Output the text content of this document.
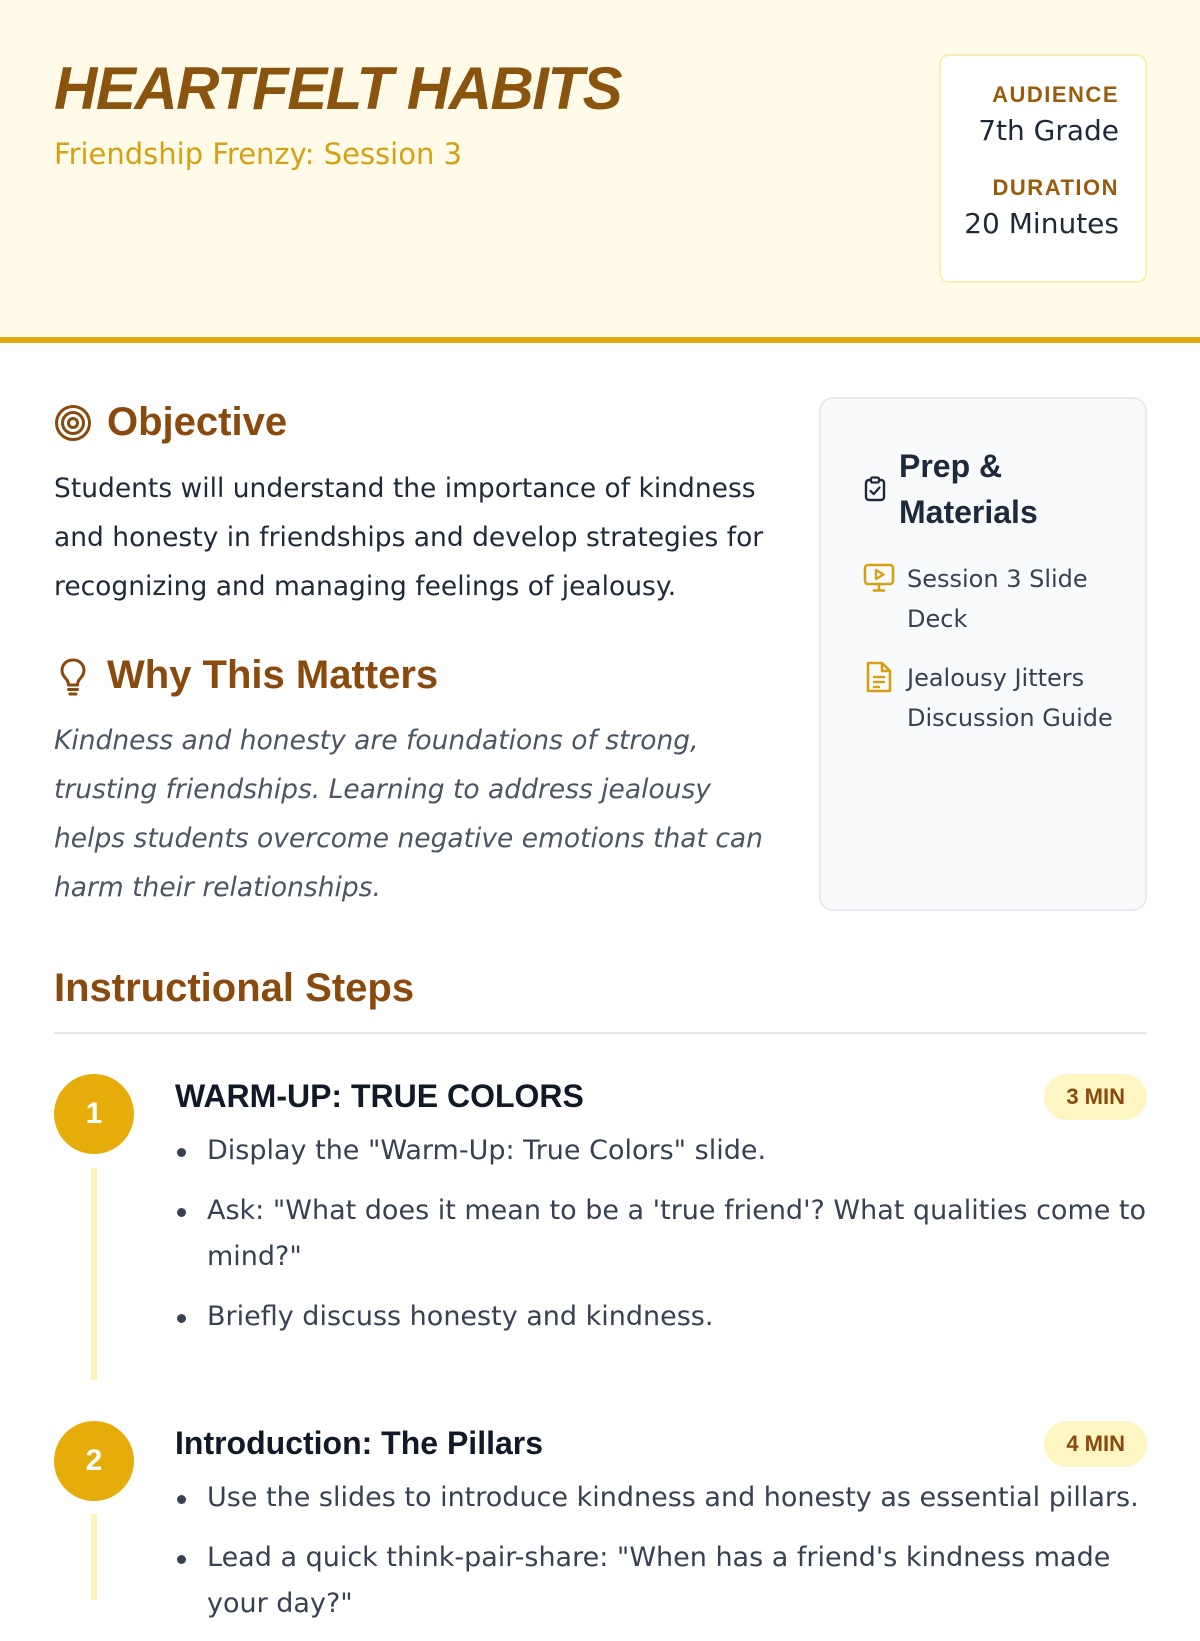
HEARTFELT HABITS
Friendship Frenzy: Session 3
AUDIENCE
7th Grade
DURATION
20 Minutes
Objective
Students will understand the importance of kindness and honesty in friendships and develop strategies for recognizing and managing feelings of jealousy.
Why This Matters
Kindness and honesty are foundations of strong, trusting friendships. Learning to address jealousy helps students overcome negative emotions that can harm their relationships.
Prep & Materials
Session 3 Slide Deck
Jealousy Jitters Discussion Guide
Instructional Steps
1	WARM-UP: TRUE COLORS	3 MIN
Display the "Warm-Up: True Colors" slide.
Ask: "What does it mean to be a 'true friend'? What qualities come to mind?"
Briefly discuss honesty and kindness.
2	Introduction: The Pillars	4 MIN
Use the slides to introduce kindness and honesty as essential pillars.
Lead a quick think-pair-share: "When has a friend's kindness made your day?"
